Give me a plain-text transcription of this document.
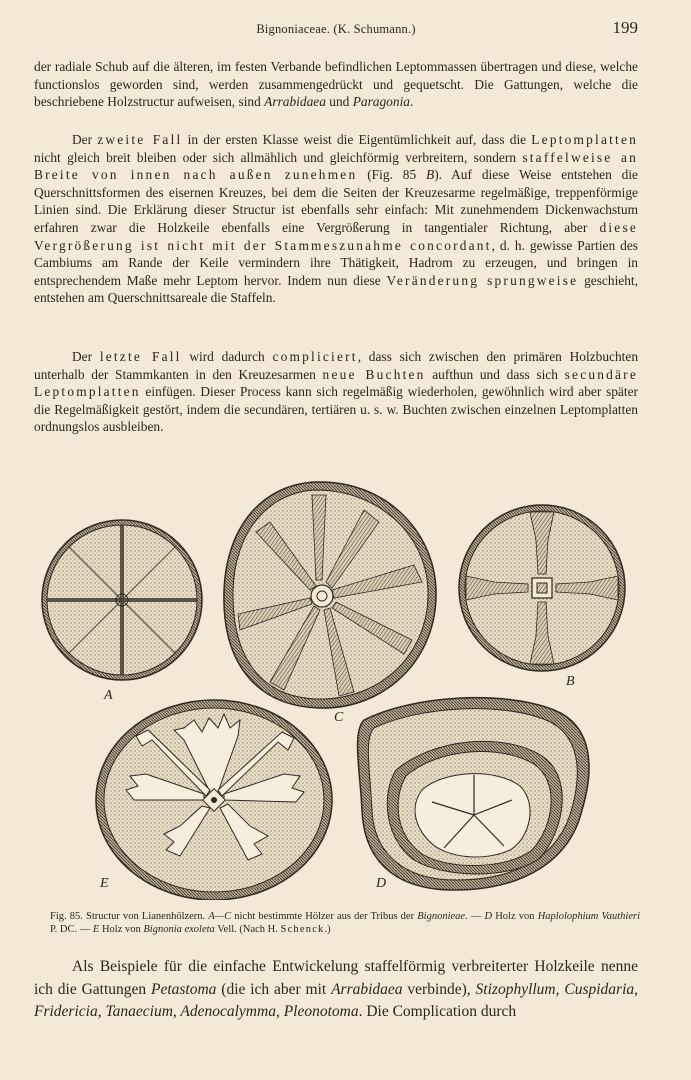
Bignoniaceae. (K. Schumann.)	199

der radiale Schub auf die älteren, im festen Verbande befindlichen Leptommassen übertragen und diese, welche functionslos geworden sind, werden zusammengedrückt und gequetscht. Die Gattungen, welche die beschriebene Holzstructur aufweisen, sind Arrabidaea und Paragonia.

Der zweite Fall in der ersten Klasse weist die Eigentümlichkeit auf, dass die Leptomplatten nicht gleich breit bleiben oder sich allmählich und gleichförmig verbreitern, sondern staffelweise an Breite von innen nach außen zunehmen (Fig. 85 B). Auf diese Weise entstehen die Querschnittsformen des eisernen Kreuzes, bei dem die Seiten der Kreuzesarme regelmäßige, treppenförmige Linien sind. Die Erklärung dieser Structur ist ebenfalls sehr einfach: Mit zunehmendem Dickenwachstum erfahren zwar die Holzkeile ebenfalls eine Vergrößerung in tangentialer Richtung, aber diese Vergrößerung ist nicht mit der Stammeszunahme concordant, d. h. gewisse Partien des Cambiums am Rande der Keile vermindern ihre Thätigkeit, Hadrom zu erzeugen, und bringen in entsprechendem Maße mehr Leptom hervor. Indem nun diese Veränderung sprungweise geschieht, entstehen am Querschnittsareale die Staffeln.

Der letzte Fall wird dadurch compliciert, dass sich zwischen den primären Holzbuchten unterhalb der Stammkanten in den Kreuzesarmen neue Buchten aufthun und dass sich secundäre Leptomplatten einfügen. Dieser Process kann sich regelmäßig wiederholen, gewöhnlich wird aber später die Regelmäßigkeit gestört, indem die secundären, tertiären u. s. w. Buchten zwischen einzelnen Leptomplatten ordnungslos ausbleiben.

A
C
B
E	D
Fig. 85. Structur von Lianenhölzern. A—C nicht bestimmte Hölzer aus der Tribus der Bignonieae. — D Holz von Haplolophium Vauthieri P. DC. — E Holz von Bignonia exoleta Vell. (Nach H. Schenck.)

Als Beispiele für die einfache Entwickelung staffelförmig verbreiterter Holzkeile nenne ich die Gattungen Petastoma (die ich aber mit Arrabidaea verbinde), Stizophyllum, Cuspidaria, Fridericia, Tanaecium, Adenocalymma, Pleonotoma. Die Complication durch
